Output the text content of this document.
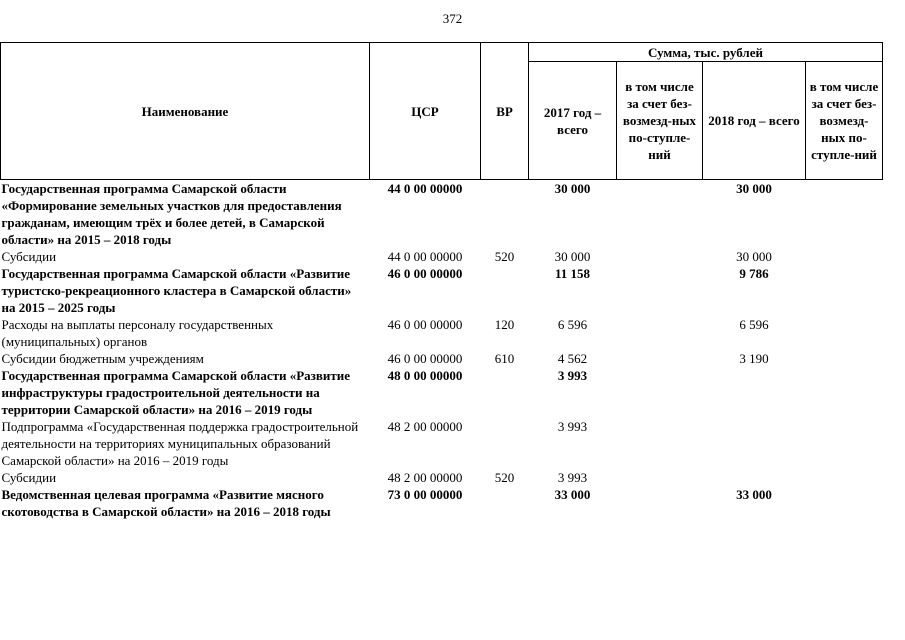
372
Наименование	ЦСР	ВР	Сумма, тыс. рублей			
			2017 год – всего	в том числе за счет без-возмезд-ных по-ступле-ний	2018 год – всего	в том числе за счет без-возмезд-ных по-ступле-ний
Государственная программа Самарской области «Формирование земельных участков для предоставления гражданам, имеющим трёх и более детей, в Самарской области» на 2015 – 2018 годы	44 0 00 00000		30 000		30 000	
Субсидии	44 0 00 00000	520	30 000		30 000	
Государственная программа Самарской области «Развитие туристско-рекреационного кластера в Самарской области» на 2015 – 2025 годы	46 0 00 00000		11 158		9 786	
Расходы на выплаты персоналу государственных (муниципальных) органов	46 0 00 00000	120	6 596		6 596	
Субсидии бюджетным учреждениям	46 0 00 00000	610	4 562		3 190	
Государственная программа Самарской области «Развитие инфраструктуры градостроительной деятельности на территории Самарской области» на 2016 – 2019 годы	48 0 00 00000		3 993			
Подпрограмма «Государственная поддержка градостроительной деятельности на территориях муниципальных образований Самарской области» на 2016 – 2019 годы	48 2 00 00000		3 993			
Субсидии	48 2 00 00000	520	3 993			
Ведомственная целевая программа «Развитие мясного скотоводства в Самарской области» на 2016 – 2018 годы	73 0 00 00000		33 000		33 000	
